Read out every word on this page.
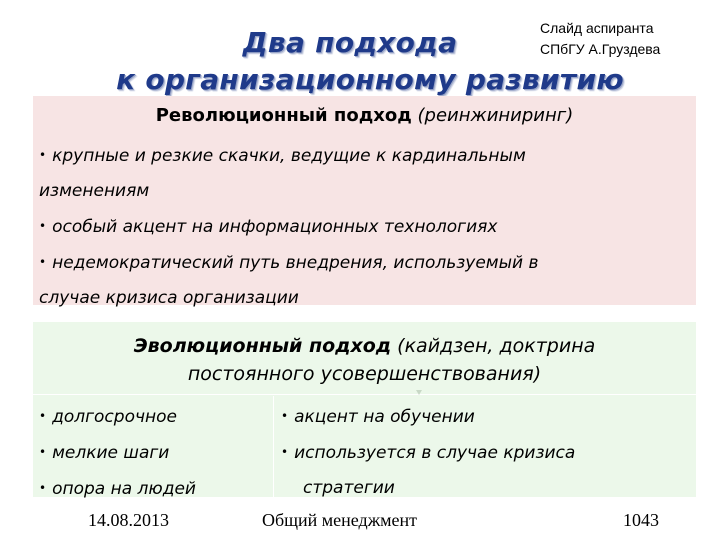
Два подхода
к организационному развитию
Слайд аспиранта
СПбГУ А.Груздева
Революционный подход (реинжиниринг)

• крупные и резкие скачки, ведущие к кардинальным

изменениям

• особый акцент на информационных технологиях

• недемократический путь внедрения, используемый в

случае кризиса организации

Эволюционный подход (кайдзен, доктрина
постоянного усовершенствования)

• долгосрочное

• мелкие шаги

• опора на людей

• акцент на обучении

• используется в случае кризиса

стратегии

14.08.2013	Общий менеджмент	1043
